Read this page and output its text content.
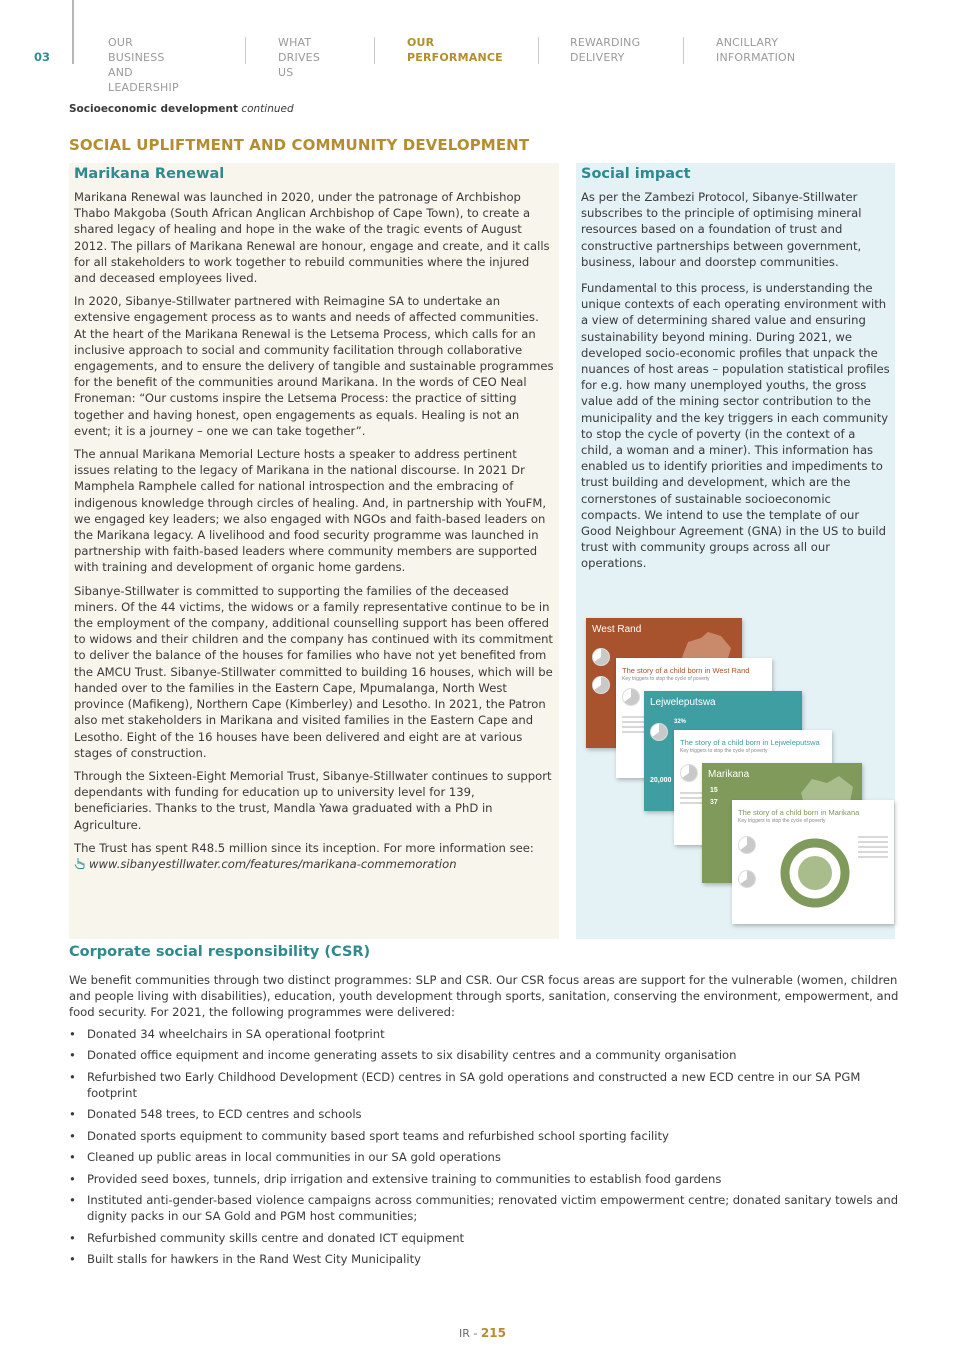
03
OUR BUSINESS
AND LEADERSHIP
WHAT
DRIVES US
OUR
PERFORMANCE
REWARDING
DELIVERY
ANCILLARY
INFORMATION
Socioeconomic development continued
SOCIAL UPLIFTMENT AND COMMUNITY DEVELOPMENT
Marikana Renewal

Marikana Renewal was launched in 2020, under the patronage of Archbishop Thabo Makgoba (South African Anglican Archbishop of Cape Town), to create a shared legacy of healing and hope in the wake of the tragic events of August 2012. The pillars of Marikana Renewal are honour, engage and create, and it calls for all stakeholders to work together to rebuild communities where the injured and deceased employees lived.

In 2020, Sibanye-Stillwater partnered with Reimagine SA to undertake an extensive engagement process as to wants and needs of affected communities. At the heart of the Marikana Renewal is the Letsema Process, which calls for an inclusive approach to social and community facilitation through collaborative engagements, and to ensure the delivery of tangible and sustainable programmes for the benefit of the communities around Marikana. In the words of CEO Neal Froneman: “Our customs inspire the Letsema Process: the practice of sitting together and having honest, open engagements as equals. Healing is not an event; it is a journey – one we can take together”.

The annual Marikana Memorial Lecture hosts a speaker to address pertinent issues relating to the legacy of Marikana in the national discourse. In 2021 Dr Mamphela Ramphele called for national introspection and the embracing of indigenous knowledge through circles of healing. And, in partnership with YouFM, we engaged key leaders; we also engaged with NGOs and faith-based leaders on the Marikana legacy. A livelihood and food security programme was launched in partnership with faith-based leaders where community members are supported with training and development of organic home gardens.

Sibanye-Stillwater is committed to supporting the families of the deceased miners. Of the 44 victims, the widows or a family representative continue to be in the employment of the company, additional counselling support has been offered to widows and their children and the company has continued with its commitment to deliver the balance of the houses for families who have not yet benefited from the AMCU Trust. Sibanye-Stillwater committed to building 16 houses, which will be handed over to the families in the Eastern Cape, Mpumalanga, North West province (Mafikeng), Northern Cape (Kimberley) and Lesotho. In 2021, the Patron also met stakeholders in Marikana and visited families in the Eastern Cape and Lesotho. Eight of the 16 houses have been delivered and eight are at various stages of construction.

Through the Sixteen-Eight Memorial Trust, Sibanye-Stillwater continues to support dependants with funding for education up to university level for 139, beneficiaries. Thanks to the trust, Mandla Yawa graduated with a PhD in Agriculture.

The Trust has spent R48.5 million since its inception. For more information see:

www.sibanyestillwater.com/features/marikana-commemoration

Social impact

As per the Zambezi Protocol, Sibanye-Stillwater subscribes to the principle of optimising mineral resources based on a foundation of trust and constructive partnerships between government, business, labour and doorstep communities.

Fundamental to this process, is understanding the unique contexts of each operating environment with a view of determining shared value and ensuring sustainability beyond mining. During 2021, we developed socio-economic profiles that unpack the nuances of host areas – population statistical profiles for e.g. how many unemployed youths, the gross value add of the mining sector contribution to the municipality and the key triggers in each community to stop the cycle of poverty (in the context of a child, a woman and a miner). This information has enabled us to identify priorities and impediments to trust building and development, which are the cornerstones of sustainable socioeconomic compacts. We intend to use the template of our Good Neighbour Agreement (GNA) in the US to build trust with community groups across all our operations.

West Rand
The story of a child born in West Rand
Key triggers to stop the cycle of poverty
Lejweleputswa
32%
20,000
The story of a child born in Lejweleputswa
Key triggers to stop the cycle of poverty
Marikana
15
37
The story of a child born in Marikana
Key triggers to stop the cycle of poverty
Corporate social responsibility (CSR)

We benefit communities through two distinct programmes: SLP and CSR. Our CSR focus areas are support for the vulnerable (women, children and people living with disabilities), education, youth development through sports, sanitation, conserving the environment, empowerment, and food security. For 2021, the following programmes were delivered:

• Donated 34 wheelchairs in SA operational footprint
• Donated office equipment and income generating assets to six disability centres and a community organisation
• Refurbished two Early Childhood Development (ECD) centres in SA gold operations and constructed a new ECD centre in our SA PGM footprint
• Donated 548 trees, to ECD centres and schools
• Donated sports equipment to community based sport teams and refurbished school sporting facility
• Cleaned up public areas in local communities in our SA gold operations
• Provided seed boxes, tunnels, drip irrigation and extensive training to communities to establish food gardens
• Instituted anti-gender-based violence campaigns across communities; renovated victim empowerment centre; donated sanitary towels and dignity packs in our SA Gold and PGM host communities;
• Refurbished community skills centre and donated ICT equipment
• Built stalls for hawkers in the Rand West City Municipality
IR - 215
